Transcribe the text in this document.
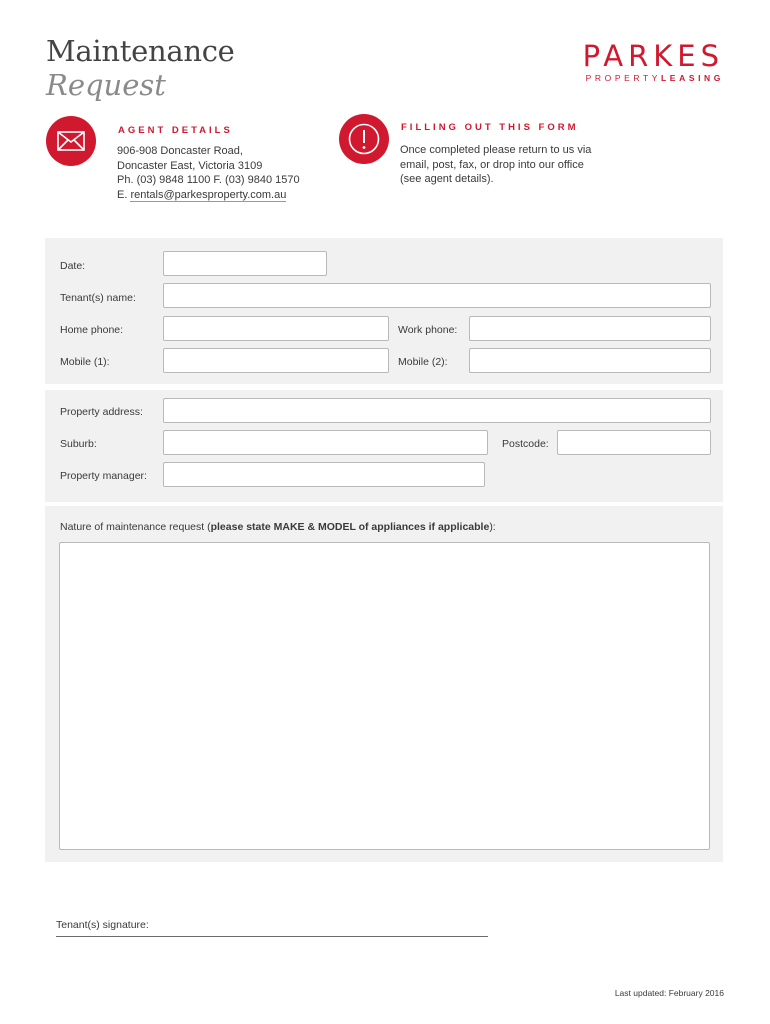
Maintenance
Request
PARKES
PROPERTYLEASING
AGENT DETAILS
906-908 Doncaster Road,
Doncaster East, Victoria 3109
Ph. (03) 9848 1100 F. (03) 9840 1570
E. rentals@parkesproperty.com.au
FILLING OUT THIS FORM
Once completed please return to us via
email, post, fax, or drop into our office
(see agent details).
Date:
Tenant(s) name:
Home phone:	Work phone:
Mobile (1):	Mobile (2):
Property address:
Suburb:	Postcode:
Property manager:
Nature of maintenance request (please state MAKE & MODEL of appliances if applicable):
Tenant(s) signature:
Last updated: February 2016
